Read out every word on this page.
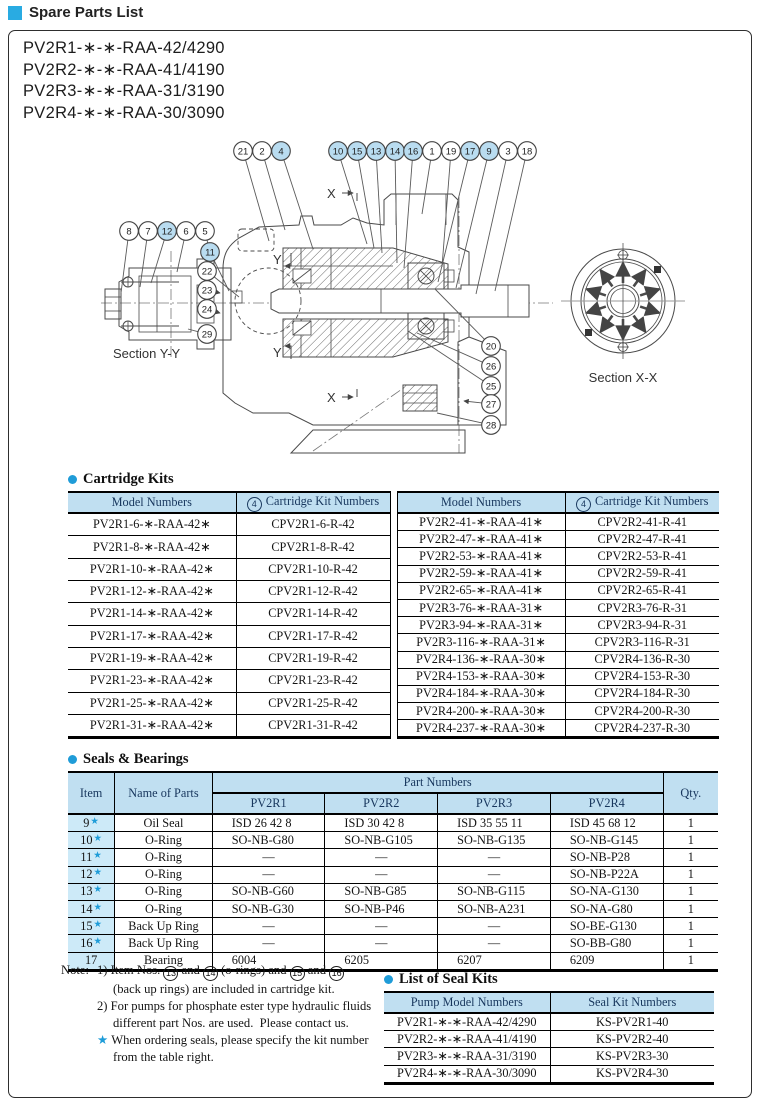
Spare Parts List
PV2R1-∗-∗-RAA-42/4290
PV2R2-∗-∗-RAA-41/4190
PV2R3-∗-∗-RAA-31/3190
PV2R4-∗-∗-RAA-30/3090
X
X
Y
Y
Section Y-Y
Section X-X
21 2 4	10 15 13 14 16 1 19 17 9 3 18
8 7 12 6 5
11
22
23
24
29
20
26
25
27
28
Cartridge Kits
Model Numbers	4 Cartridge Kit Numbers
PV2R1-6-∗-RAA-42∗	CPV2R1-6-R-42
PV2R1-8-∗-RAA-42∗	CPV2R1-8-R-42
PV2R1-10-∗-RAA-42∗	CPV2R1-10-R-42
PV2R1-12-∗-RAA-42∗	CPV2R1-12-R-42
PV2R1-14-∗-RAA-42∗	CPV2R1-14-R-42
PV2R1-17-∗-RAA-42∗	CPV2R1-17-R-42
PV2R1-19-∗-RAA-42∗	CPV2R1-19-R-42
PV2R1-23-∗-RAA-42∗	CPV2R1-23-R-42
PV2R1-25-∗-RAA-42∗	CPV2R1-25-R-42
PV2R1-31-∗-RAA-42∗	CPV2R1-31-R-42
Model Numbers	4 Cartridge Kit Numbers
PV2R2-41-∗-RAA-41∗	CPV2R2-41-R-41
PV2R2-47-∗-RAA-41∗	CPV2R2-47-R-41
PV2R2-53-∗-RAA-41∗	CPV2R2-53-R-41
PV2R2-59-∗-RAA-41∗	CPV2R2-59-R-41
PV2R2-65-∗-RAA-41∗	CPV2R2-65-R-41
PV2R3-76-∗-RAA-31∗	CPV2R3-76-R-31
PV2R3-94-∗-RAA-31∗	CPV2R3-94-R-31
PV2R3-116-∗-RAA-31∗	CPV2R3-116-R-31
PV2R4-136-∗-RAA-30∗	CPV2R4-136-R-30
PV2R4-153-∗-RAA-30∗	CPV2R4-153-R-30
PV2R4-184-∗-RAA-30∗	CPV2R4-184-R-30
PV2R4-200-∗-RAA-30∗	CPV2R4-200-R-30
PV2R4-237-∗-RAA-30∗	CPV2R4-237-R-30
Seals & Bearings
Item	Name of Parts	Part Numbers				Qty.
		PV2R1	PV2R2	PV2R3	PV2R4	
9★	Oil Seal	ISD 26 42 8	ISD 30 42 8	ISD 35 55 11	ISD 45 68 12	1
10★	O-Ring	SO-NB-G80	SO-NB-G105	SO-NB-G135	SO-NB-G145	1
11★	O-Ring	—	—	—	SO-NB-P28	1
12★	O-Ring	—	—	—	SO-NB-P22A	1
13★	O-Ring	SO-NB-G60	SO-NB-G85	SO-NB-G115	SO-NA-G130	1
14★	O-Ring	SO-NB-G30	SO-NB-P46	SO-NB-A231	SO-NA-G80	1
15★	Back Up Ring	—	—	—	SO-BE-G130	1
16★	Back Up Ring	—	—	—	SO-BB-G80	1
17	Bearing	6004	6205	6207	6209	1
Note: 1) Item Nos. 13 and 14 (o-rings) and 15 and 16
(back up rings) are included in cartridge kit.
2) For pumps for phosphate ester type hydraulic fluids
different part Nos. are used.  Please contact us.
★ When ordering seals, please specify the kit number
from the table right.
List of Seal Kits
Pump Model Numbers	Seal Kit Numbers
PV2R1-∗-∗-RAA-42/4290	KS-PV2R1-40
PV2R2-∗-∗-RAA-41/4190	KS-PV2R2-40
PV2R3-∗-∗-RAA-31/3190	KS-PV2R3-30
PV2R4-∗-∗-RAA-30/3090	KS-PV2R4-30
